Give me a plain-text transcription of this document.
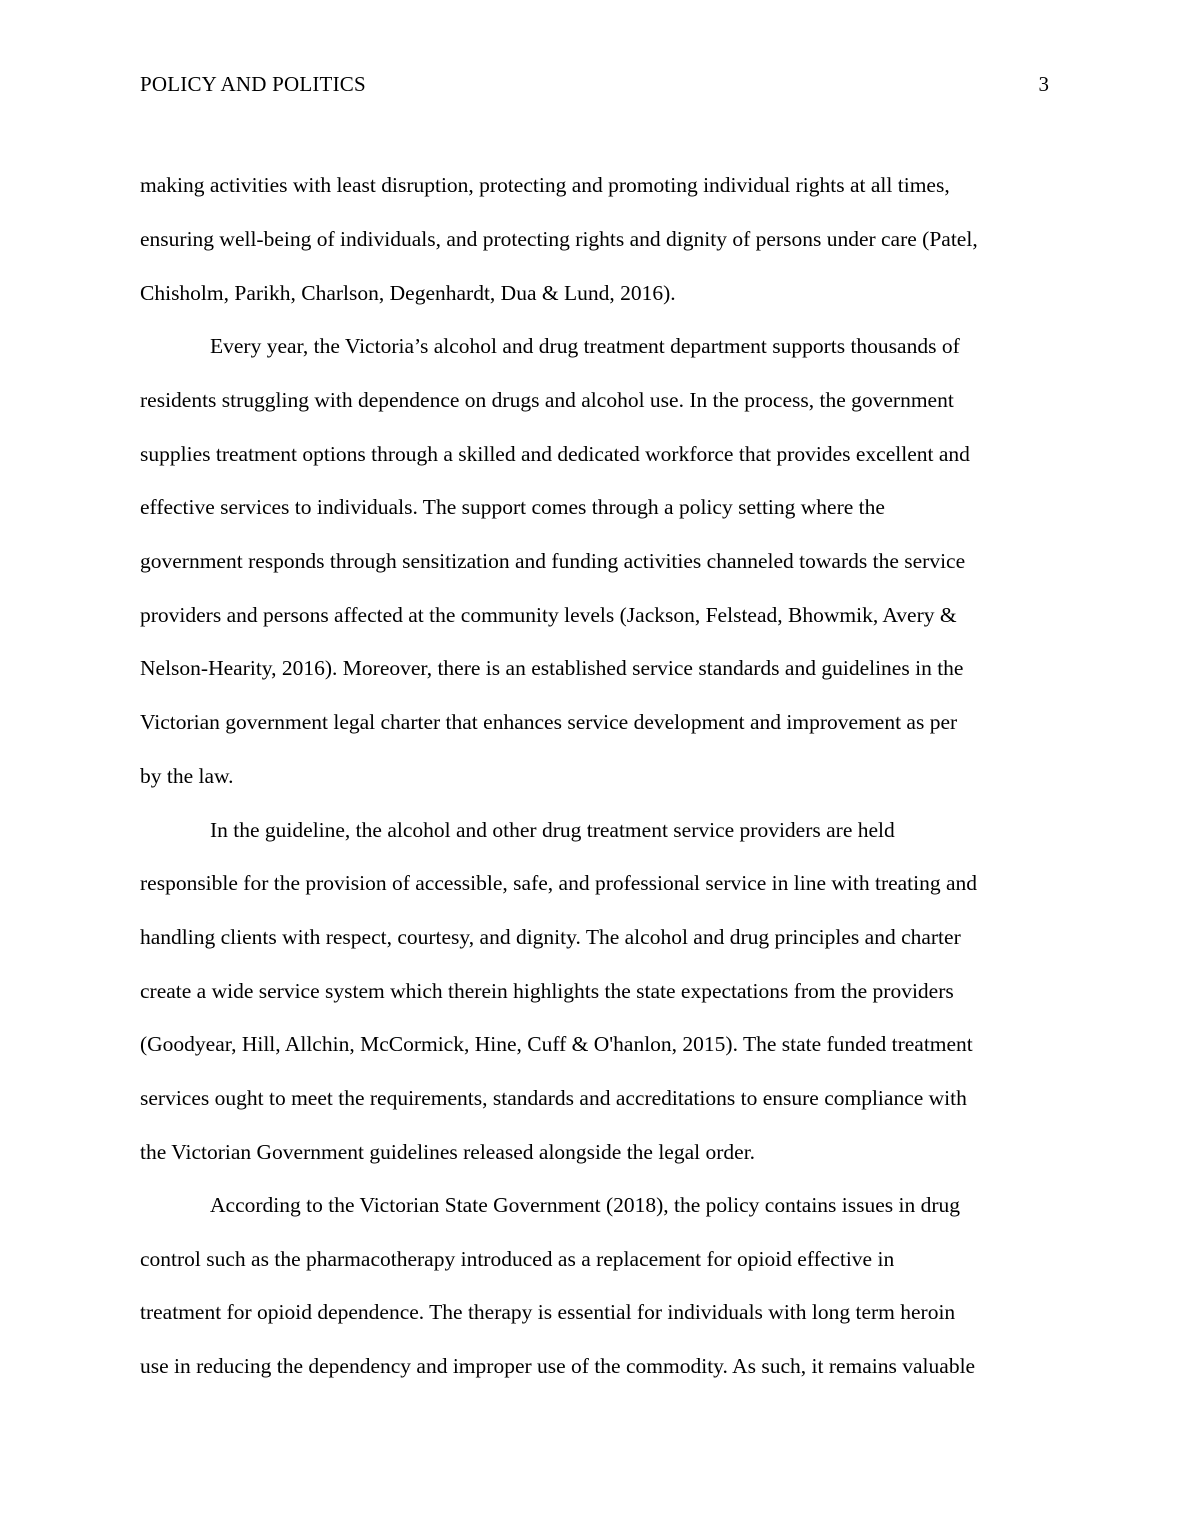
POLICY AND POLITICS	3
making activities with least disruption, protecting and promoting individual rights at all times,
ensuring well-being of individuals, and protecting rights and dignity of persons under care (Patel,
Chisholm, Parikh, Charlson, Degenhardt, Dua & Lund, 2016).
Every year, the Victoria’s alcohol and drug treatment department supports thousands of
residents struggling with dependence on drugs and alcohol use. In the process, the government
supplies treatment options through a skilled and dedicated workforce that provides excellent and
effective services to individuals. The support comes through a policy setting where the
government responds through sensitization and funding activities channeled towards the service
providers and persons affected at the community levels (Jackson, Felstead, Bhowmik, Avery &
Nelson-Hearity, 2016). Moreover, there is an established service standards and guidelines in the
Victorian government legal charter that enhances service development and improvement as per
by the law.
In the guideline, the alcohol and other drug treatment service providers are held
responsible for the provision of accessible, safe, and professional service in line with treating and
handling clients with respect, courtesy, and dignity. The alcohol and drug principles and charter
create a wide service system which therein highlights the state expectations from the providers
(Goodyear, Hill, Allchin, McCormick, Hine, Cuff & O'hanlon, 2015). The state funded treatment
services ought to meet the requirements, standards and accreditations to ensure compliance with
the Victorian Government guidelines released alongside the legal order.
According to the Victorian State Government (2018), the policy contains issues in drug
control such as the pharmacotherapy introduced as a replacement for opioid effective in
treatment for opioid dependence. The therapy is essential for individuals with long term heroin
use in reducing the dependency and improper use of the commodity. As such, it remains valuable
